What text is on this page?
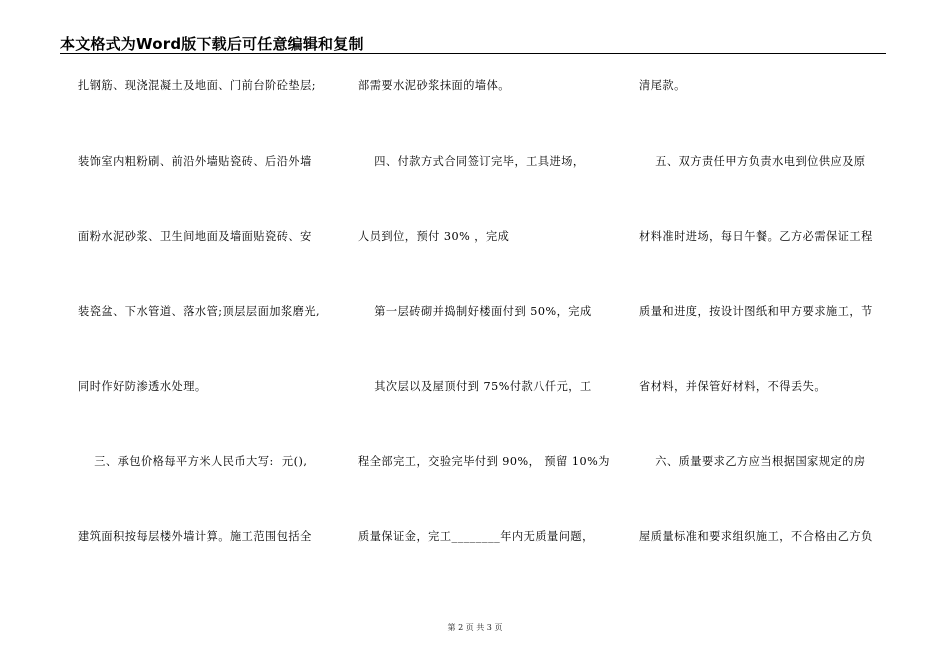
本文格式为Word版下载后可任意编辑和复制
扎钢筋、现浇混凝土及地面、门前台阶砼垫层;
装饰室内粗粉刷、前沿外墙贴瓷砖、后沿外墙
面粉水泥砂浆、卫生间地面及墙面贴瓷砖、安
装瓷盆、下水管道、落水管;顶层层面加浆磨光,
同时作好防渗透水处理。
三、承包价格每平方米人民币大写:  元(),
建筑面积按每层楼外墙计算。施工范围包括全
部需要水泥砂浆抹面的墙体。
四、付款方式合同签订完毕，工具进场，
人员到位，预付 30% ，完成
第一层砖砌并捣制好楼面付到 50%，完成
其次层以及屋顶付到 75%付款八仟元，工
程全部完工，交验完毕付到 90%， 预留 10%为
质量保证金，完工________年内无质量问题，
清尾款。
五、双方责任甲方负责水电到位供应及原
材料准时进场，每日午餐。乙方必需保证工程
质量和进度，按设计图纸和甲方要求施工，节
省材料，并保管好材料，不得丢失。
六、质量要求乙方应当根据国家规定的房
屋质量标准和要求组织施工，不合格由乙方负
第 2 页 共 3 页
